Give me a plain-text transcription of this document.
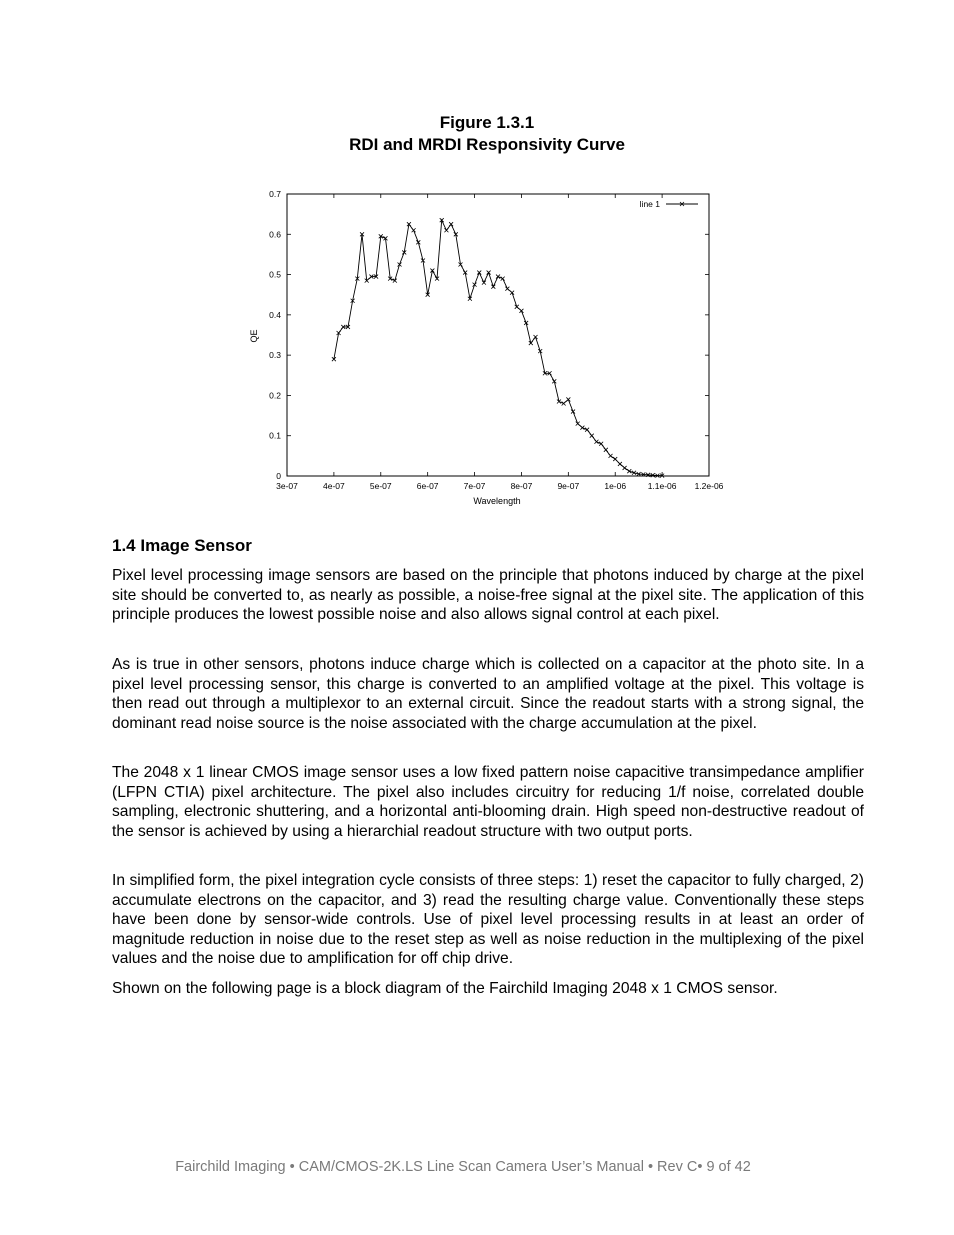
Figure 1.3.1
RDI and MRDI Responsivity Curve
3e-07	4e-07	5e-07	6e-07	7e-07	8e-07	9e-07	1e-06	1.1e-06 1.2e-06
0
0.1
0.2
0.3
0.4
0.5
0.6
0.7
line 1
Wavelength
QE
1.4 Image Sensor

Pixel level processing image sensors are based on the principle that photons induced by charge at the pixel site should be converted to, as nearly as possible, a noise-free signal at the pixel site. The application of this principle produces the lowest possible noise and also allows signal control at each pixel.

As is true in other sensors, photons induce charge which is collected on a capacitor at the photo site. In a pixel level processing sensor, this charge is converted to an amplified voltage at the pixel. This voltage is then read out through a multiplexor to an external circuit. Since the readout starts with a strong signal, the dominant read noise source is the noise associated with the charge accumulation at the pixel.

The 2048 x 1 linear CMOS image sensor uses a low fixed pattern noise capacitive transimpedance amplifier (LFPN CTIA) pixel architecture. The pixel also includes circuitry for reducing 1/f noise, correlated double sampling, electronic shuttering, and a horizontal anti-blooming drain. High speed non-destructive readout of the sensor is achieved by using a hierarchial readout structure with two output ports.

In simplified form, the pixel integration cycle consists of three steps: 1) reset the capacitor to fully charged, 2) accumulate electrons on the capacitor, and 3) read the resulting charge value. Conventionally these steps have been done by sensor-wide controls. Use of pixel level processing results in at least an order of magnitude reduction in noise due to the reset step as well as noise reduction in the multiplexing of the pixel values and the noise due to amplification for off chip drive.

Shown on the following page is a block diagram of the Fairchild Imaging 2048 x 1 CMOS sensor.

Fairchild Imaging • CAM/CMOS-2K.LS Line Scan Camera User’s Manual • Rev C• 9 of 42
